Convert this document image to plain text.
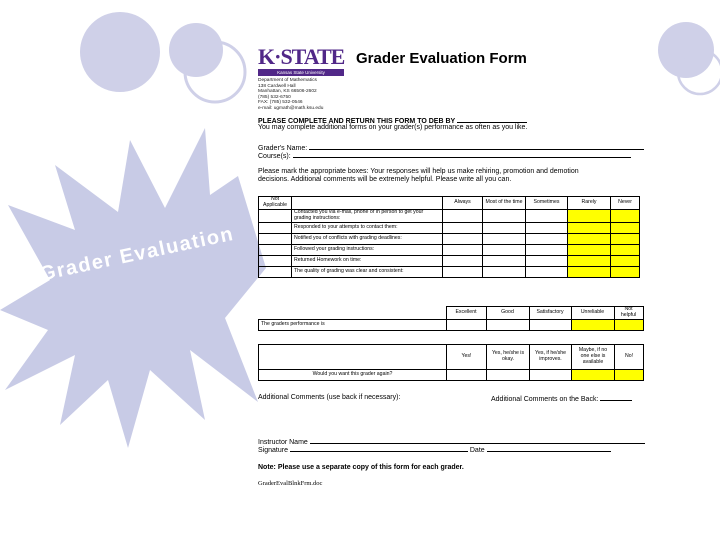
Grader Evaluation
K·STATE
Kansas State University
Department of Mathematics
138 Cardwell Hall
Manhattan, KS 66506-2602
(785) 532-6750
FAX: (785) 532-0546
e-mail: ugmath@math.ksu.edu
Grader Evaluation Form
PLEASE COMPLETE AND RETURN THIS FORM TO DEB BY
You may complete additional forms on your grader(s) performance as often as you like.
Grader's Name:
Course(s):
Please mark the appropriate boxes: Your responses will help us make rehiring, promotion and demotion
decisions. Additional comments will be extremely helpful. Please write all you can.
Not Applicable		Always	Most of the time	Sometimes	Rarely	Never
	Contacted you via e-mail, phone or in person to get your grading instructions:					
	Responded to your attempts to contact them:					
	Notified you of conflicts with grading deadlines:					
	Followed your grading instructions:					
	Returned Homework on time:					
	The quality of grading was clear and consistent:					
	Excellent	Good	Satisfactory	Unreliable	Not helpful
The graders performance is					
	Yes!	Yes, he/she is okay.	Yes, if he/she improves.	Maybe, if no one else is available	No!
Would you want this grader again?					
Additional Comments (use back if necessary):	Additional Comments on the Back:
Instructor Name
Signature	Date
Note: Please use a separate copy of this form for each grader.
GraderEvalBlnkFrm.doc
